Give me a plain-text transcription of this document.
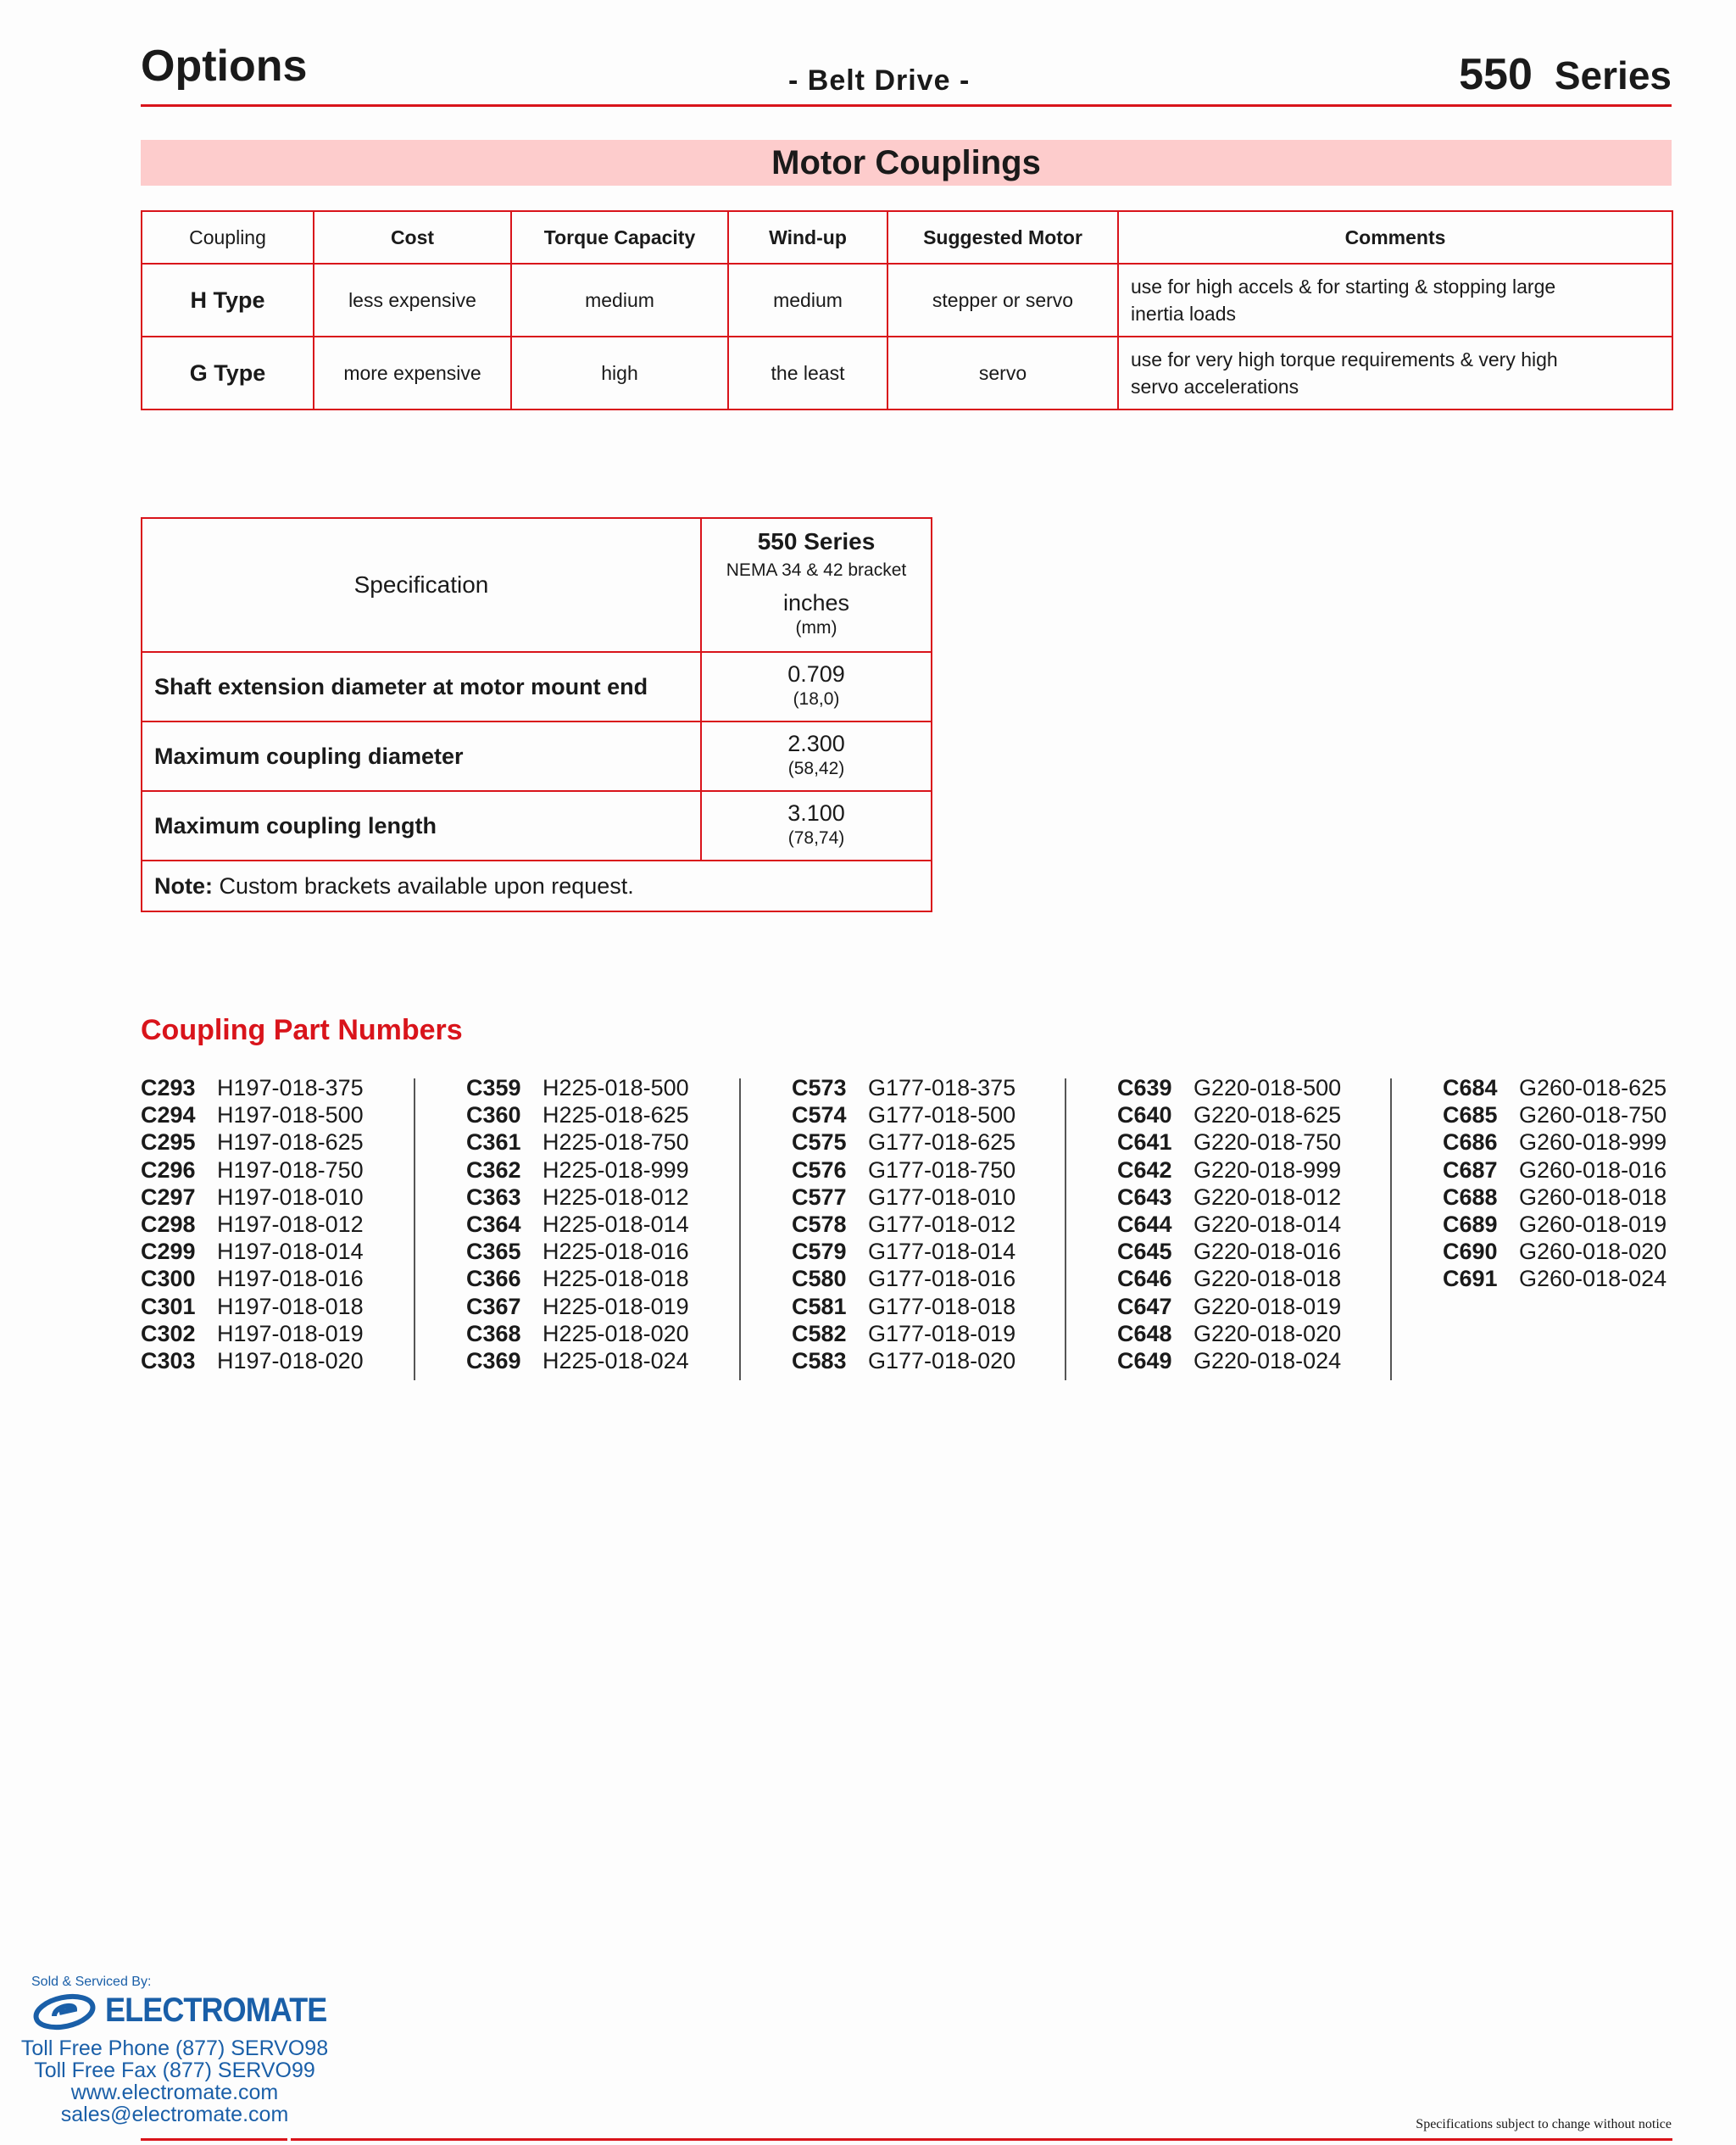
Options	- Belt Drive -	550 Series
Motor Couplings
Coupling	Cost	Torque Capacity	Wind-up	Suggested Motor	Comments
H Type	less expensive	medium	medium	stepper or servo	use for high accels & for starting & stopping large
inertia loads
G Type	more expensive	high	the least	servo	use for very high torque requirements & very high
servo accelerations
Specification	550 Series
NEMA 34 & 42 bracket
inches
(mm)

Shaft extension diameter at motor mount end	0.709
(18,0)

Maximum coupling diameter	2.300
(58,42)

Maximum coupling length	3.100
(78,74)

Note: Custom brackets available upon request.	
Coupling Part Numbers
C293 H197-018-375
C294 H197-018-500
C295 H197-018-625
C296 H197-018-750
C297 H197-018-010
C298 H197-018-012
C299 H197-018-014
C300 H197-018-016
C301 H197-018-018
C302 H197-018-019
C303 H197-018-020
C359 H225-018-500
C360 H225-018-625
C361 H225-018-750
C362 H225-018-999
C363 H225-018-012
C364 H225-018-014
C365 H225-018-016
C366 H225-018-018
C367 H225-018-019
C368 H225-018-020
C369 H225-018-024
C573 G177-018-375
C574 G177-018-500
C575 G177-018-625
C576 G177-018-750
C577 G177-018-010
C578 G177-018-012
C579 G177-018-014
C580 G177-018-016
C581 G177-018-018
C582 G177-018-019
C583 G177-018-020
C639 G220-018-500
C640 G220-018-625
C641 G220-018-750
C642 G220-018-999
C643 G220-018-012
C644 G220-018-014
C645 G220-018-016
C646 G220-018-018
C647 G220-018-019
C648 G220-018-020
C649 G220-018-024
C684 G260-018-625
C685 G260-018-750
C686 G260-018-999
C687 G260-018-016
C688 G260-018-018
C689 G260-018-019
C690 G260-018-020
C691 G260-018-024
Sold & Serviced By:
ELECTROMATE
Toll Free Phone (877) SERVO98
Toll Free Fax (877) SERVO99
www.electromate.com
sales@electromate.com	Specifications subject to change without notice
